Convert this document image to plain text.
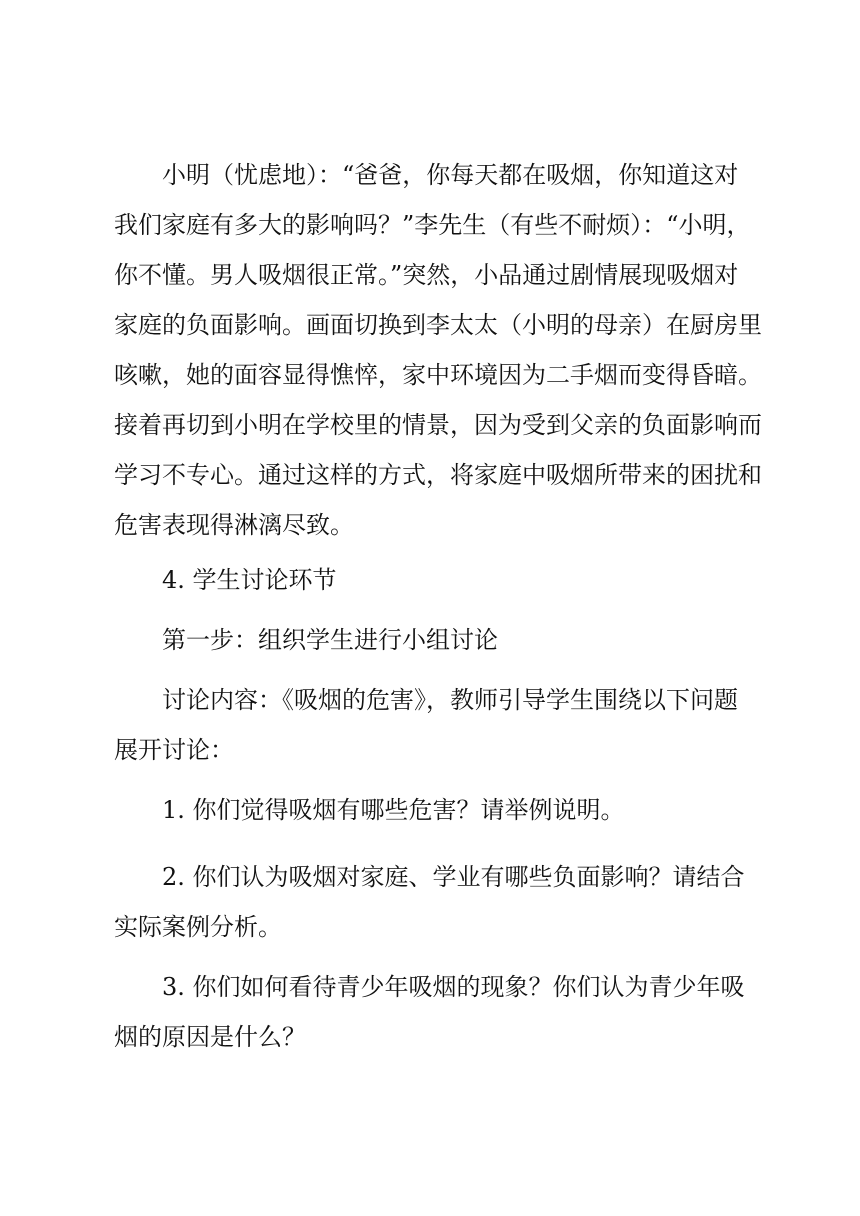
小明（忧虑地）：“爸爸，你每天都在吸烟，你知道这对
我们家庭有多大的影响吗？”李先生（有些不耐烦）：“小明，
你不懂。男人吸烟很正常。”突然，小品通过剧情展现吸烟对
家庭的负面影响。画面切换到李太太（小明的母亲）在厨房里
咳嗽，她的面容显得憔悴，家中环境因为二手烟而变得昏暗。
接着再切到小明在学校里的情景，因为受到父亲的负面影响而
学习不专心。通过这样的方式，将家庭中吸烟所带来的困扰和
危害表现得淋漓尽致。
4. 学生讨论环节
第一步：组织学生进行小组讨论
讨论内容：《吸烟的危害》，教师引导学生围绕以下问题
展开讨论：
1. 你们觉得吸烟有哪些危害？请举例说明。
2. 你们认为吸烟对家庭、学业有哪些负面影响？请结合
实际案例分析。
3. 你们如何看待青少年吸烟的现象？你们认为青少年吸
烟的原因是什么？
